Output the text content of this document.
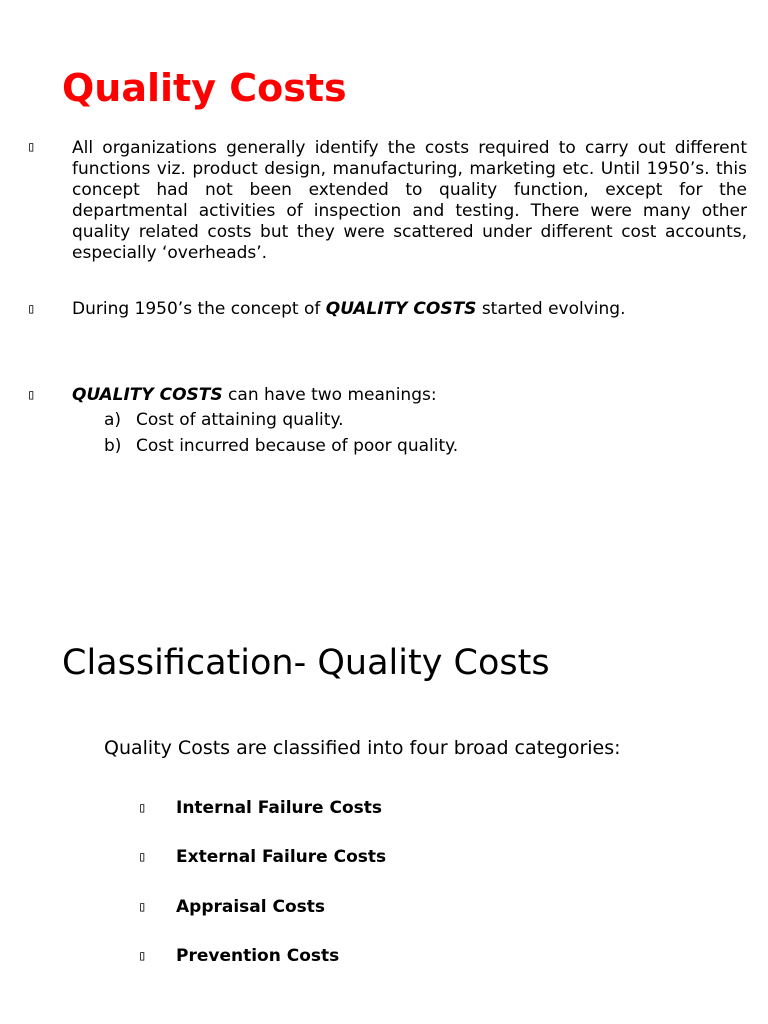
Quality Costs
▯ All organizations generally identify the costs required to carry out different functions viz. product design, manufacturing, marketing etc. Until 1950’s. this concept had not been extended to quality function, except for the departmental activities of inspection and testing. There were many other quality related costs but they were scattered under different cost accounts, especially ‘overheads’.

▯ During 1950’s the concept of QUALITY COSTS started evolving.

▯ QUALITY COSTS can have two meanings:

a) Cost of attaining quality.

b) Cost incurred because of poor quality.

Classification- Quality Costs

Quality Costs are classified into four broad categories:

▯ Internal Failure Costs

▯ External Failure Costs

▯ Appraisal Costs

▯ Prevention Costs
